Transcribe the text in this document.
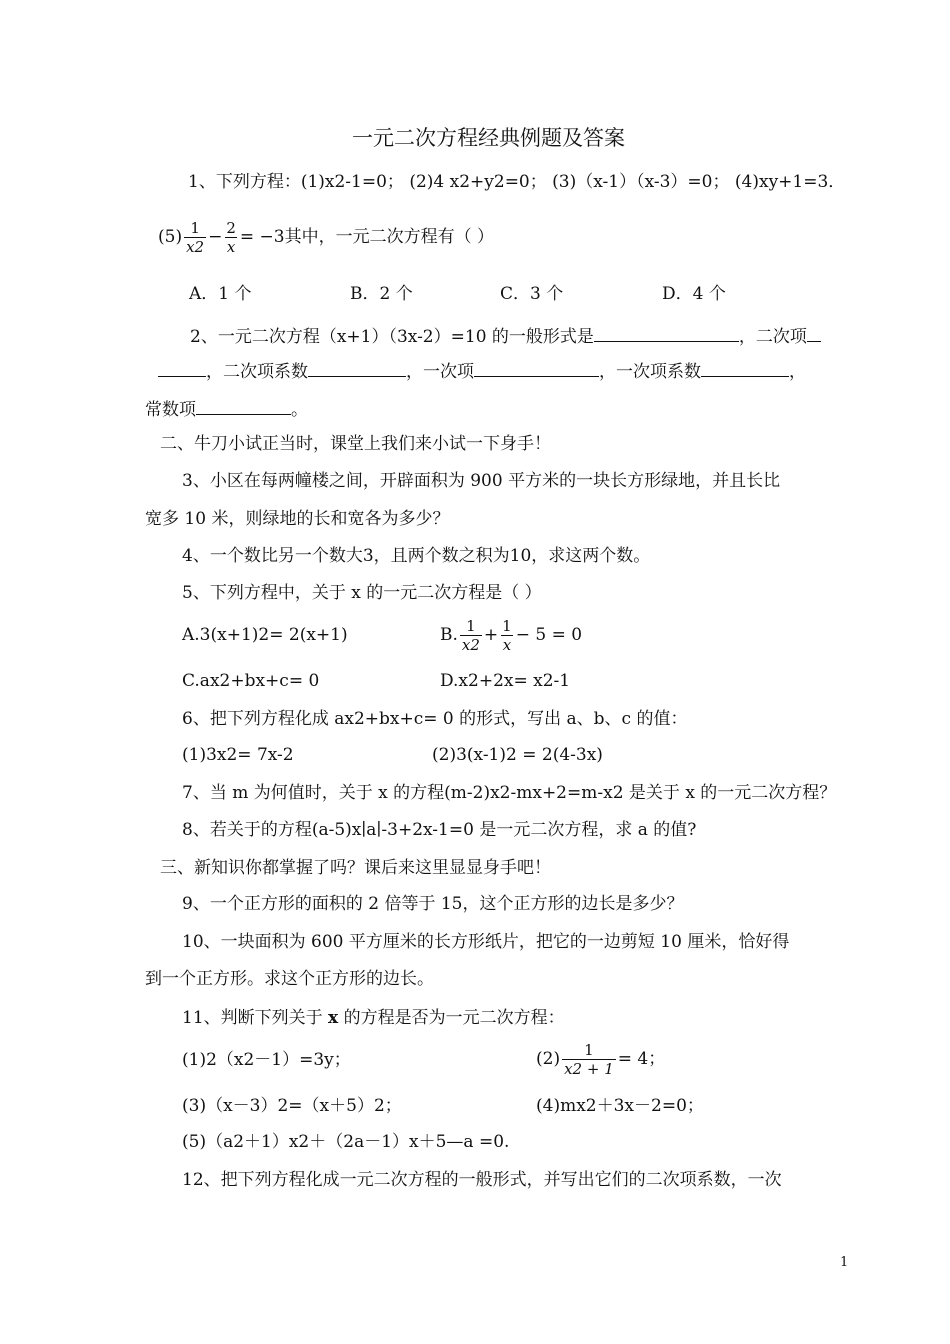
一元二次方程经典例题及答案
1、下列方程：(1)x2-1=0； (2)4 x2+y2=0； (3)（x-1）（x-3）=0； (4)xy+1=3．
(5) 1
$x2 - \frac{2}{x} = -3$ 其中，一元二次方程有（ ）
A．1 个	B．2 个	C．3 个	D．4 个
2、一元二次方程（x+1）（3x-2）=10 的一般形式是	，二次项
，二次项系数	，一次项	，一次项系数	，
常数项	。
二、牛刀小试正当时，课堂上我们来小试一下身手！
3、小区在每两幢楼之间，开辟面积为 900 平方米的一块长方形绿地，并且长比
宽多 10 米，则绿地的长和宽各为多少？
4、一个数比另一个数大3，且两个数之积为10，求这两个数。
5、下列方程中，关于 x 的一元二次方程是（ ）
A.3(x+1)2= 2(x+1)	B. 1
$x2 + \frac{1}{x} - 5 = 0$
C.ax2+bx+c= 0	D.x2+2x= x2-1
6、把下列方程化成 ax2+bx+c= 0 的形式，写出 a、b、c 的值：
(1)3x2= 7x-2	(2)3(x-1)2 = 2(4-3x)
7、当 m 为何值时，关于 x 的方程(m-2)x2-mx+2=m-x2 是关于 x 的一元二次方程？
8、若关于的方程(a-5)x∣a∣-3+2x-1=0 是一元二次方程，求 a 的值?
三、新知识你都掌握了吗？课后来这里显显身手吧！
9、一个正方形的面积的 2 倍等于 15，这个正方形的边长是多少？
10、一块面积为 600 平方厘米的长方形纸片，把它的一边剪短 10 厘米，恰好得
到一个正方形。求这个正方形的边长。
11、判断下列关于 x 的方程是否为一元二次方程：
(1)2（x2－1）=3y；	$(2) \frac{1}{x2 + 1} = 4$；
(3)（x－3）2=（x＋5）2；	(4)mx2＋3x－2=0；
(5)（a2＋1）x2＋（2a－1）x＋5—a =0.
12、把下列方程化成一元二次方程的一般形式，并写出它们的二次项系数，一次
1
